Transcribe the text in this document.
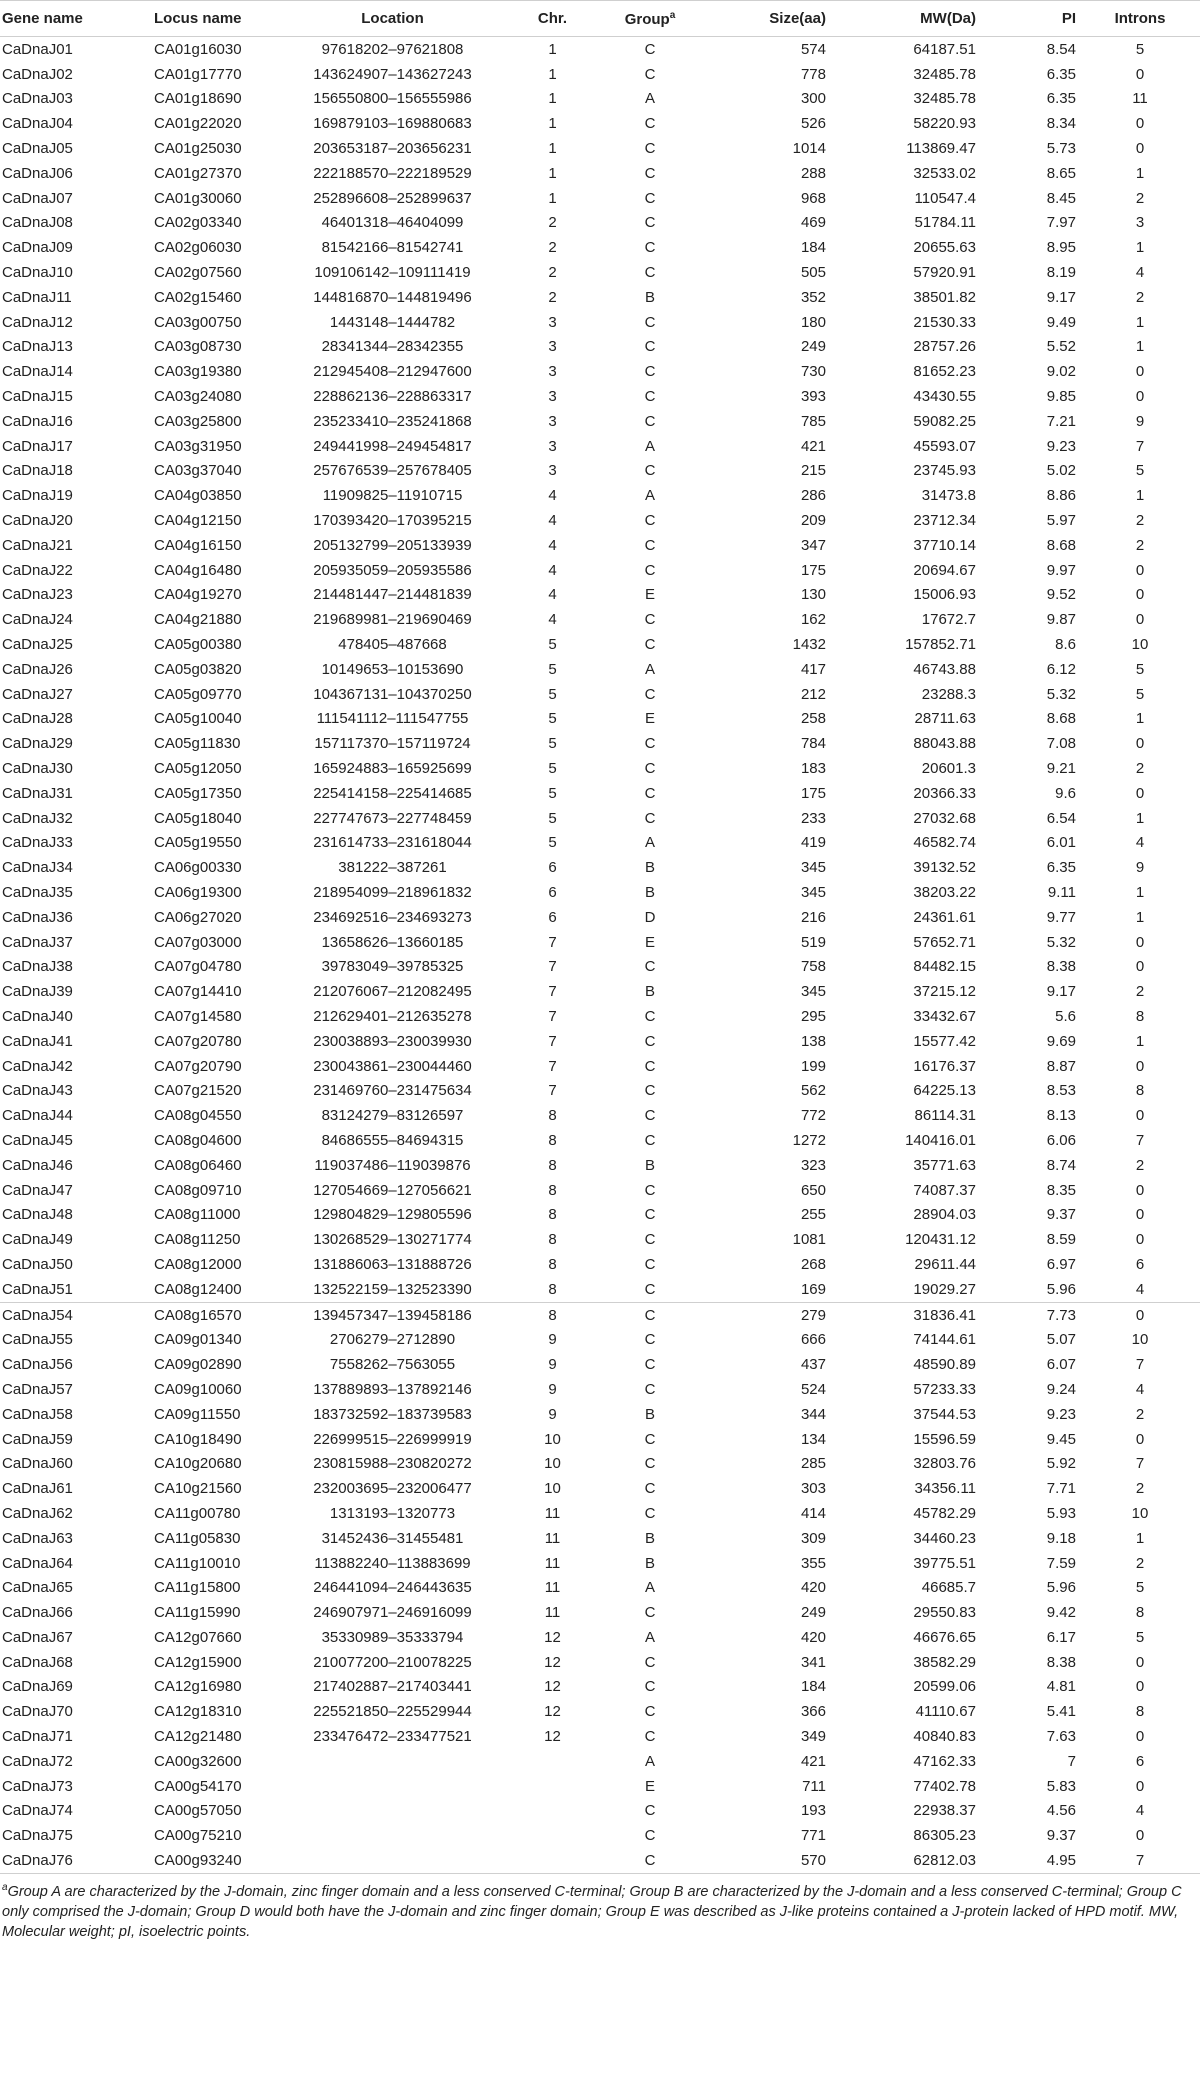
Gene name	Locus name	Location	Chr.	Group$^a$	Size(aa)	MW(Da)	PI	Introns
CaDnaJ01	CA01g16030	97618202–97621808	1	C	574	64187.51	8.54	5
CaDnaJ02	CA01g17770	143624907–143627243	1	C	778	32485.78	6.35	0
CaDnaJ03	CA01g18690	156550800–156555986	1	A	300	32485.78	6.35	11
CaDnaJ04	CA01g22020	169879103–169880683	1	C	526	58220.93	8.34	0
CaDnaJ05	CA01g25030	203653187–203656231	1	C	1014	113869.47	5.73	0
CaDnaJ06	CA01g27370	222188570–222189529	1	C	288	32533.02	8.65	1
CaDnaJ07	CA01g30060	252896608–252899637	1	C	968	110547.4	8.45	2
CaDnaJ08	CA02g03340	46401318–46404099	2	C	469	51784.11	7.97	3
CaDnaJ09	CA02g06030	81542166–81542741	2	C	184	20655.63	8.95	1
CaDnaJ10	CA02g07560	109106142–109111419	2	C	505	57920.91	8.19	4
CaDnaJ11	CA02g15460	144816870–144819496	2	B	352	38501.82	9.17	2
CaDnaJ12	CA03g00750	1443148–1444782	3	C	180	21530.33	9.49	1
CaDnaJ13	CA03g08730	28341344–28342355	3	C	249	28757.26	5.52	1
CaDnaJ14	CA03g19380	212945408–212947600	3	C	730	81652.23	9.02	0
CaDnaJ15	CA03g24080	228862136–228863317	3	C	393	43430.55	9.85	0
CaDnaJ16	CA03g25800	235233410–235241868	3	C	785	59082.25	7.21	9
CaDnaJ17	CA03g31950	249441998–249454817	3	A	421	45593.07	9.23	7
CaDnaJ18	CA03g37040	257676539–257678405	3	C	215	23745.93	5.02	5
CaDnaJ19	CA04g03850	11909825–11910715	4	A	286	31473.8	8.86	1
CaDnaJ20	CA04g12150	170393420–170395215	4	C	209	23712.34	5.97	2
CaDnaJ21	CA04g16150	205132799–205133939	4	C	347	37710.14	8.68	2
CaDnaJ22	CA04g16480	205935059–205935586	4	C	175	20694.67	9.97	0
CaDnaJ23	CA04g19270	214481447–214481839	4	E	130	15006.93	9.52	0
CaDnaJ24	CA04g21880	219689981–219690469	4	C	162	17672.7	9.87	0
CaDnaJ25	CA05g00380	478405–487668	5	C	1432	157852.71	8.6	10
CaDnaJ26	CA05g03820	10149653–10153690	5	A	417	46743.88	6.12	5
CaDnaJ27	CA05g09770	104367131–104370250	5	C	212	23288.3	5.32	5
CaDnaJ28	CA05g10040	111541112–111547755	5	E	258	28711.63	8.68	1
CaDnaJ29	CA05g11830	157117370–157119724	5	C	784	88043.88	7.08	0
CaDnaJ30	CA05g12050	165924883–165925699	5	C	183	20601.3	9.21	2
CaDnaJ31	CA05g17350	225414158–225414685	5	C	175	20366.33	9.6	0
CaDnaJ32	CA05g18040	227747673–227748459	5	C	233	27032.68	6.54	1
CaDnaJ33	CA05g19550	231614733–231618044	5	A	419	46582.74	6.01	4
CaDnaJ34	CA06g00330	381222–387261	6	B	345	39132.52	6.35	9
CaDnaJ35	CA06g19300	218954099–218961832	6	B	345	38203.22	9.11	1
CaDnaJ36	CA06g27020	234692516–234693273	6	D	216	24361.61	9.77	1
CaDnaJ37	CA07g03000	13658626–13660185	7	E	519	57652.71	5.32	0
CaDnaJ38	CA07g04780	39783049–39785325	7	C	758	84482.15	8.38	0
CaDnaJ39	CA07g14410	212076067–212082495	7	B	345	37215.12	9.17	2
CaDnaJ40	CA07g14580	212629401–212635278	7	C	295	33432.67	5.6	8
CaDnaJ41	CA07g20780	230038893–230039930	7	C	138	15577.42	9.69	1
CaDnaJ42	CA07g20790	230043861–230044460	7	C	199	16176.37	8.87	0
CaDnaJ43	CA07g21520	231469760–231475634	7	C	562	64225.13	8.53	8
CaDnaJ44	CA08g04550	83124279–83126597	8	C	772	86114.31	8.13	0
CaDnaJ45	CA08g04600	84686555–84694315	8	C	1272	140416.01	6.06	7
CaDnaJ46	CA08g06460	119037486–119039876	8	B	323	35771.63	8.74	2
CaDnaJ47	CA08g09710	127054669–127056621	8	C	650	74087.37	8.35	0
CaDnaJ48	CA08g11000	129804829–129805596	8	C	255	28904.03	9.37	0
CaDnaJ49	CA08g11250	130268529–130271774	8	C	1081	120431.12	8.59	0
CaDnaJ50	CA08g12000	131886063–131888726	8	C	268	29611.44	6.97	6
CaDnaJ51	CA08g12400	132522159–132523390	8	C	169	19029.27	5.96	4
CaDnaJ54	CA08g16570	139457347–139458186	8	C	279	31836.41	7.73	0
CaDnaJ55	CA09g01340	2706279–2712890	9	C	666	74144.61	5.07	10
CaDnaJ56	CA09g02890	7558262–7563055	9	C	437	48590.89	6.07	7
CaDnaJ57	CA09g10060	137889893–137892146	9	C	524	57233.33	9.24	4
CaDnaJ58	CA09g11550	183732592–183739583	9	B	344	37544.53	9.23	2
CaDnaJ59	CA10g18490	226999515–226999919	10	C	134	15596.59	9.45	0
CaDnaJ60	CA10g20680	230815988–230820272	10	C	285	32803.76	5.92	7
CaDnaJ61	CA10g21560	232003695–232006477	10	C	303	34356.11	7.71	2
CaDnaJ62	CA11g00780	1313193–1320773	11	C	414	45782.29	5.93	10
CaDnaJ63	CA11g05830	31452436–31455481	11	B	309	34460.23	9.18	1
CaDnaJ64	CA11g10010	113882240–113883699	11	B	355	39775.51	7.59	2
CaDnaJ65	CA11g15800	246441094–246443635	11	A	420	46685.7	5.96	5
CaDnaJ66	CA11g15990	246907971–246916099	11	C	249	29550.83	9.42	8
CaDnaJ67	CA12g07660	35330989–35333794	12	A	420	46676.65	6.17	5
CaDnaJ68	CA12g15900	210077200–210078225	12	C	341	38582.29	8.38	0
CaDnaJ69	CA12g16980	217402887–217403441	12	C	184	20599.06	4.81	0
CaDnaJ70	CA12g18310	225521850–225529944	12	C	366	41110.67	5.41	8
CaDnaJ71	CA12g21480	233476472–233477521	12	C	349	40840.83	7.63	0
CaDnaJ72	CA00g32600			A	421	47162.33	7	6
CaDnaJ73	CA00g54170			E	711	77402.78	5.83	0
CaDnaJ74	CA00g57050			C	193	22938.37	4.56	4
CaDnaJ75	CA00g75210			C	771	86305.23	9.37	0
CaDnaJ76	CA00g93240			C	570	62812.03	4.95	7
$^a$Group A are characterized by the J-domain, zinc finger domain and a less conserved C-terminal; Group B are characterized by the J-domain and a less conserved C-terminal; Group C only comprised the J-domain; Group D would both have the J-domain and zinc finger domain; Group E was described as J-like proteins contained a J-protein lacked of HPD motif. MW, Molecular weight; pI, isoelectric points.
